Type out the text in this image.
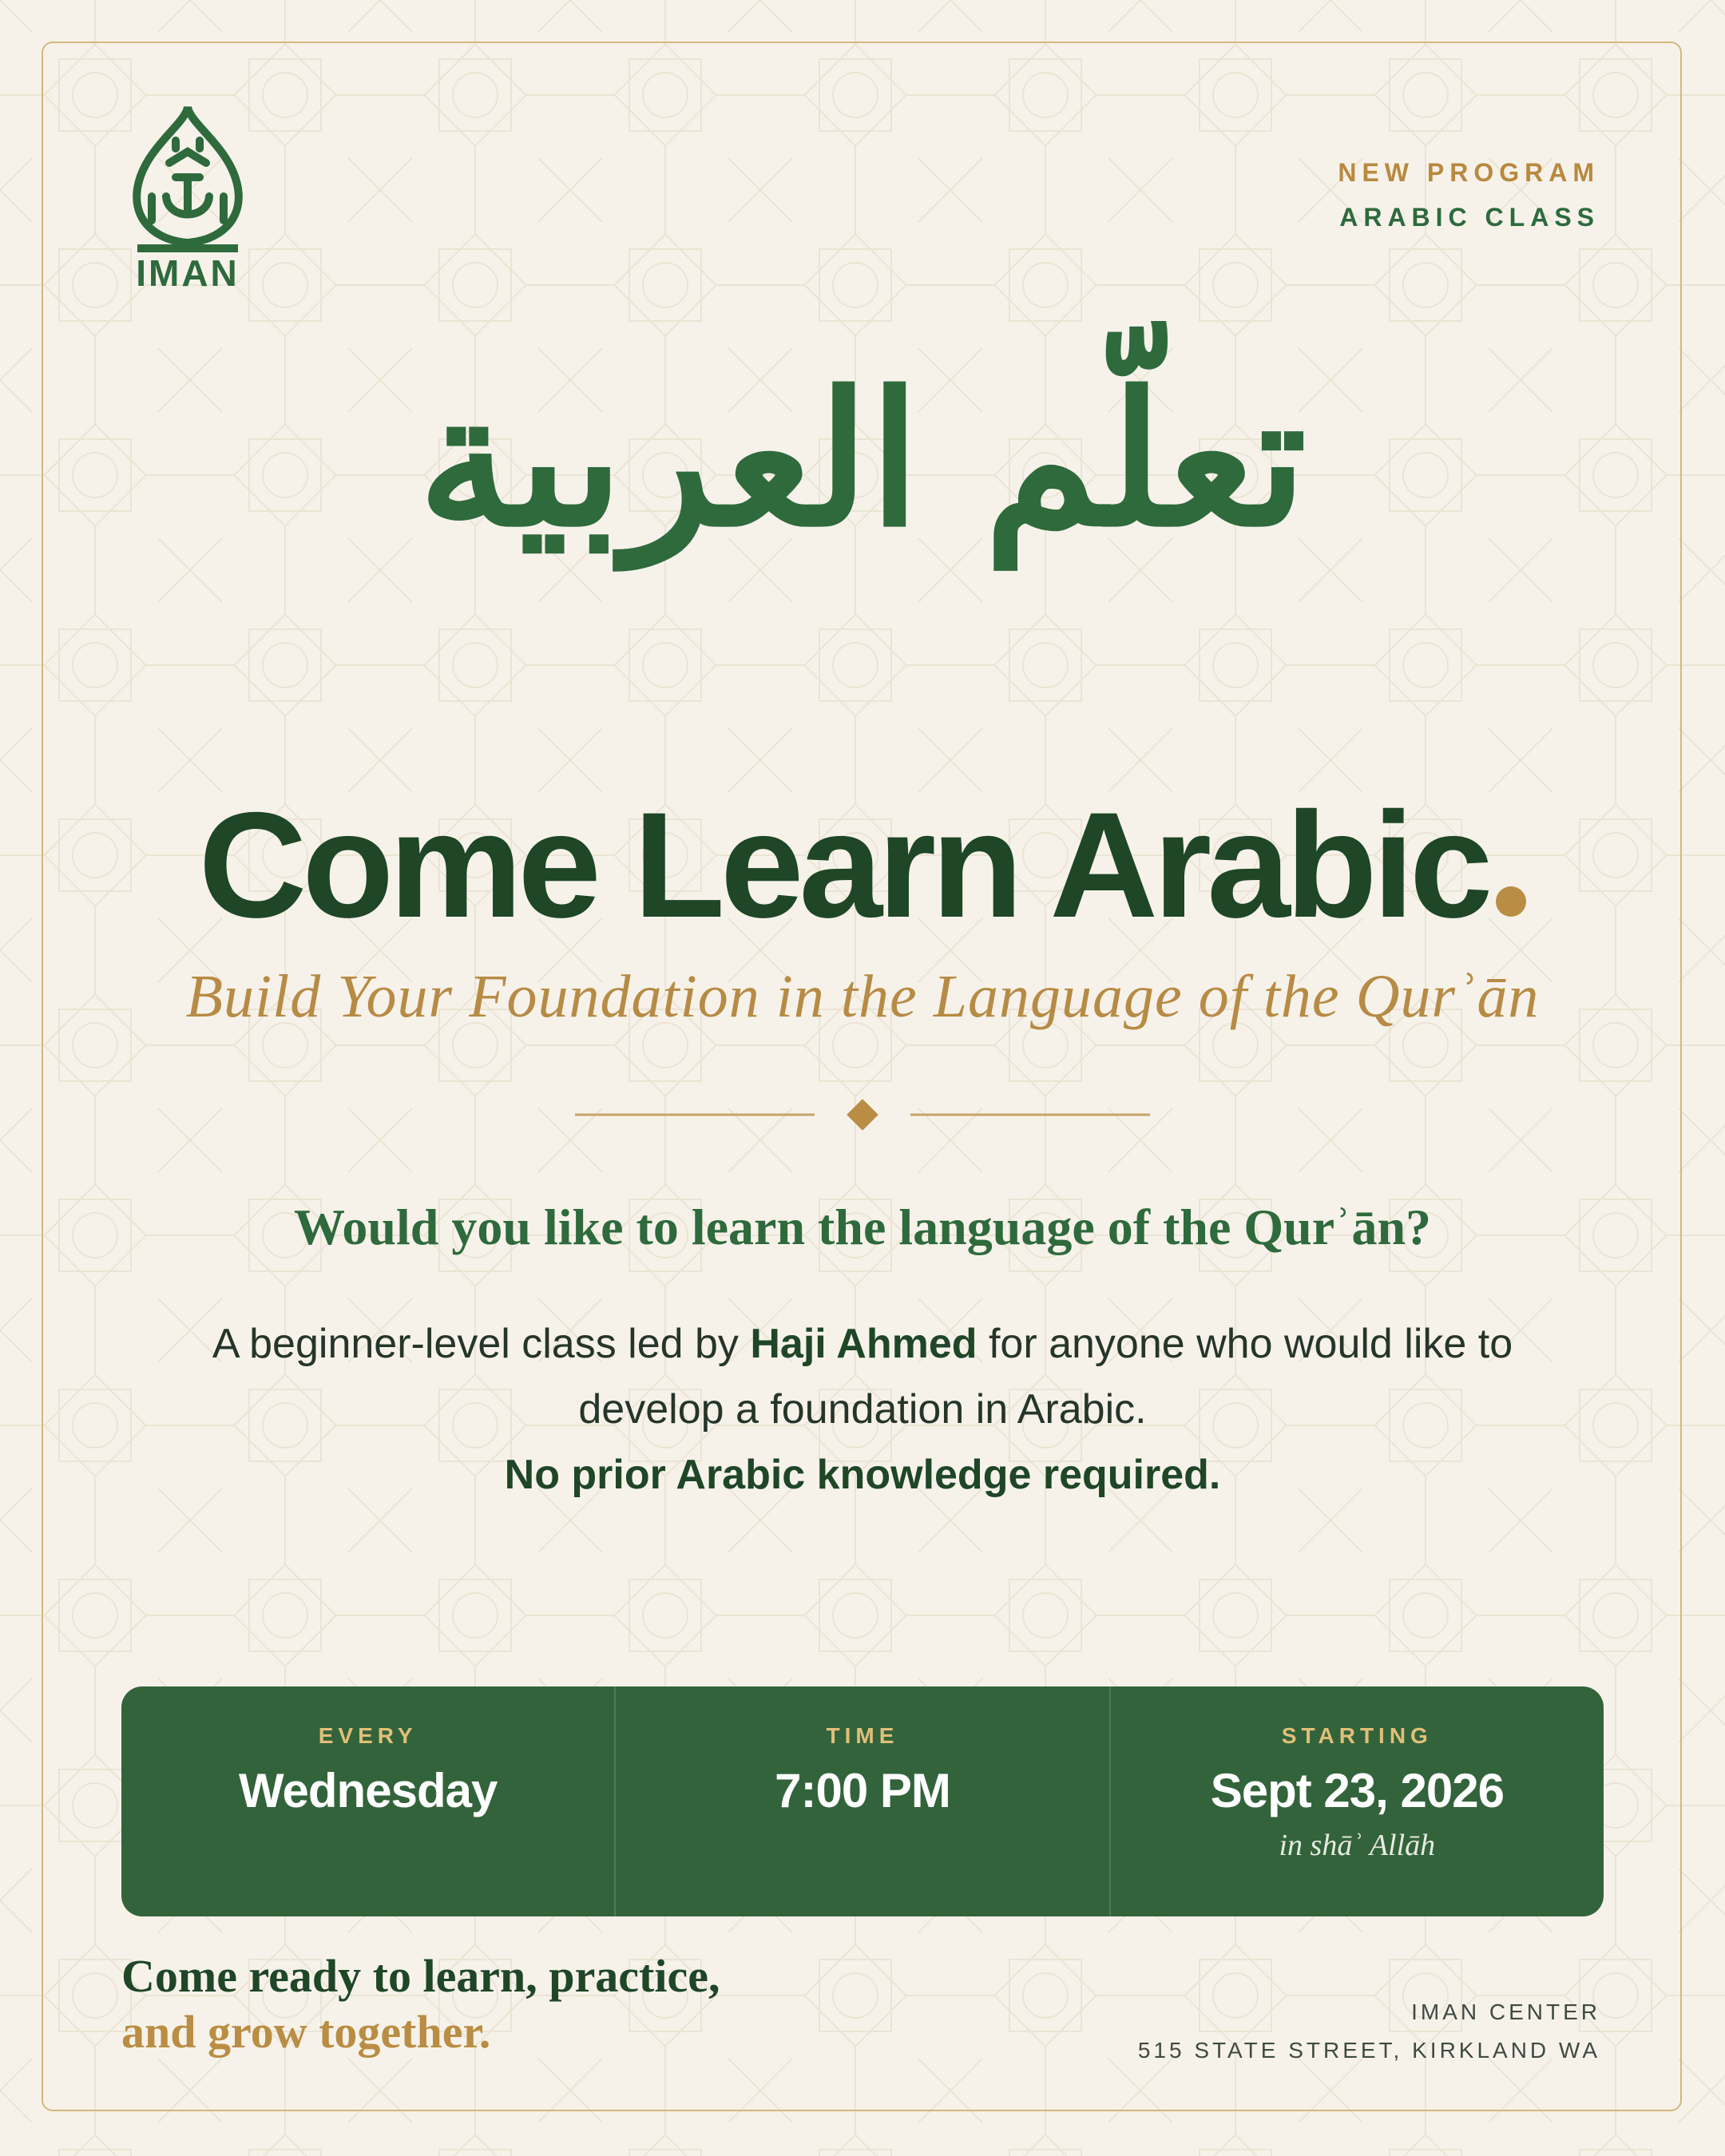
IMAN
NEW PROGRAM
ARABIC CLASS
تعلّم العربية
Come Learn Arabic
Build Your Foundation in the Language of the Qurʾān
Would you like to learn the language of the Qurʾān?
A beginner-level class led by Haji Ahmed for anyone who would like to develop a foundation in Arabic.
No prior Arabic knowledge required.
EVERY
Wednesday
TIME
7:00 PM
STARTING
Sept 23, 2026
in shāʾ Allāh
Come ready to learn, practice,
and grow together.	IMAN CENTER
515 STATE STREET, KIRKLAND WA
